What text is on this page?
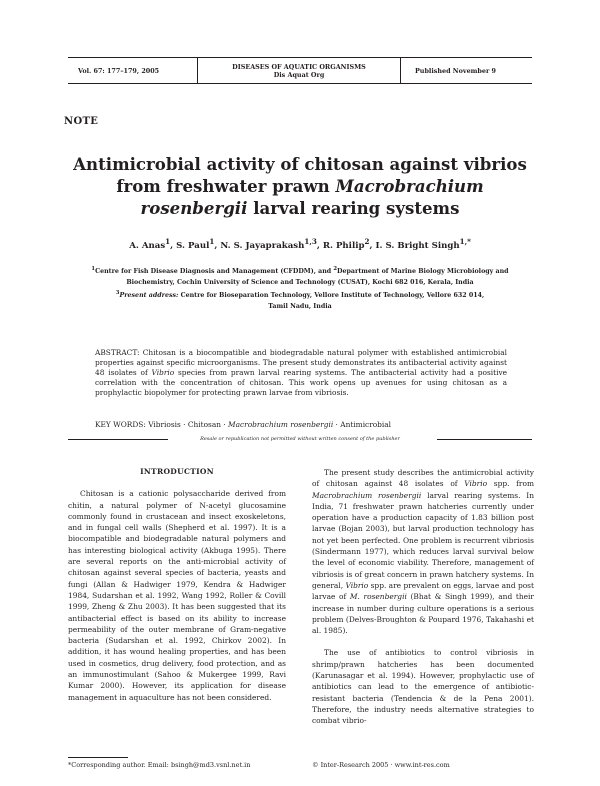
Vol. 67: 177–179, 2005	DISEASES OF AQUATIC ORGANISMS
Dis Aquat Org	Published November 9
NOTE
Antimicrobial activity of chitosan against vibrios
from freshwater prawn Macrobrachium
rosenbergii larval rearing systems
A. Anas$^1$, S. Paul$^1$, N. S. Jayaprakash$^{1,3}$, R. Philip$^2$, I. S. Bright Singh$^{1,*}$
$^1$Centre for Fish Disease Diagnosis and Management (CFDDM), and $^2$Department of Marine Biology Microbiology and
Biochemistry, Cochin University of Science and Technology (CUSAT), Kochi 682 016, Kerala, India
$^3$Present address: Centre for Bioseparation Technology, Vellore Institute of Technology, Vellore 632 014,
Tamil Nadu, India
ABSTRACT: Chitosan is a biocompatible and biodegradable natural polymer with established antimicrobial properties against specific microorganisms. The present study demonstrates its antibacterial activity against 48 isolates of Vibrio species from prawn larval rearing systems. The antibacterial activity had a positive correlation with the concentration of chitosan. This work opens up avenues for using chitosan as a prophylactic biopolymer for protecting prawn larvae from vibriosis.
KEY WORDS: Vibriosis · Chitosan · Macrobrachium rosenbergii · Antimicrobial
Resale or republication not permitted without written consent of the publisher

INTRODUCTION

Chitosan is a cationic polysaccharide derived from chitin, a natural polymer of N-acetyl glucosamine commonly found in crustacean and insect exoskeletons, and in fungal cell walls (Shepherd et al. 1997). It is a biocompatible and biodegradable natural polymers and has interesting biological activity (Akbuga 1995). There are several reports on the anti-microbial activity of chitosan against several species of bacteria, yeasts and fungi (Allan & Hadwiger 1979, Kendra & Hadwiger 1984, Sudarshan et al. 1992, Wang 1992, Roller & Covill 1999, Zheng & Zhu 2003). It has been suggested that its antibacterial effect is based on its ability to increase permeability of the outer membrane of Gram-negative bacteria (Sudarshan et al. 1992, Chirkov 2002). In addition, it has wound healing properties, and has been used in cosmetics, drug delivery, food protection, and as an immunostimulant (Sahoo & Mukergee 1999, Ravi Kumar 2000). However, its application for disease management in aquaculture has not been considered.

The present study describes the antimicrobial activity of chitosan against 48 isolates of Vibrio spp. from Macrobrachium rosenbergii larval rearing systems. In India, 71 freshwater prawn hatcheries currently under operation have a production capacity of 1.83 billion post larvae (Bojan 2003), but larval production technology has not yet been perfected. One problem is recurrent vibriosis (Sindermann 1977), which reduces larval survival below the level of economic viability. Therefore, management of vibriosis is of great concern in prawn hatchery systems. In general, Vibrio spp. are prevalent on eggs, larvae and post larvae of M. rosenbergii (Bhat & Singh 1999), and their increase in number during culture operations is a serious problem (Delves-Broughton & Poupard 1976, Takahashi et al. 1985).

The use of antibiotics to control vibriosis in shrimp/prawn hatcheries has been documented (Karunasagar et al. 1994). However, prophylactic use of antibiotics can lead to the emergence of antibiotic-resistant bacteria (Tendencia & de la Pena 2001). Therefore, the industry needs alternative strategies to combat vibrio-

*Corresponding author. Email: bsingh@md3.vsnl.net.in	© Inter-Research 2005 · www.int-res.com
